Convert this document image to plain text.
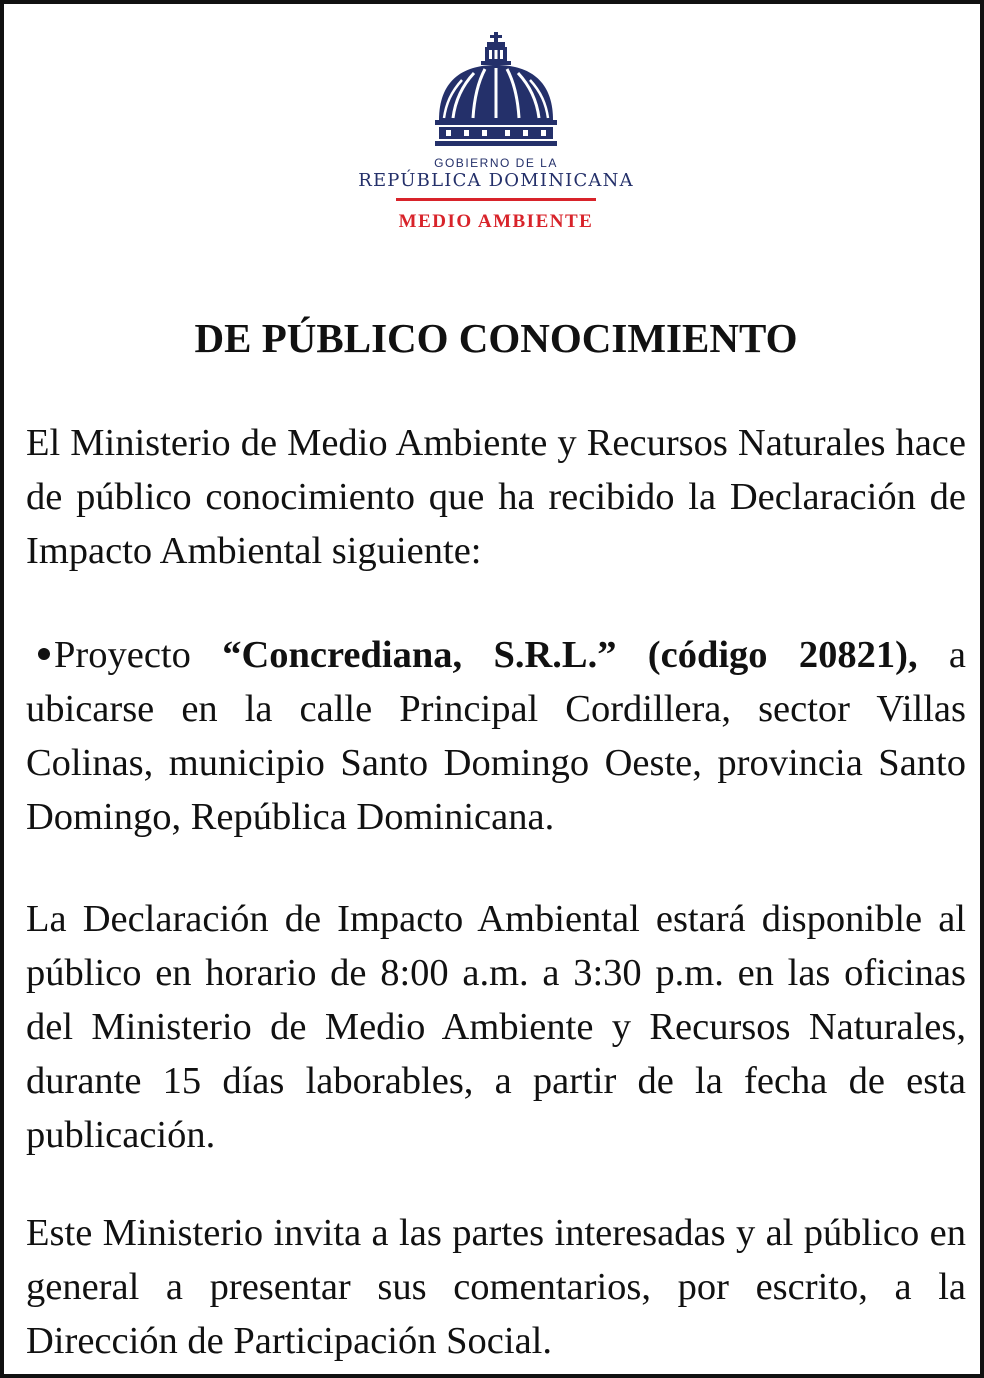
GOBIERNO DE LA
REPÚBLICA DOMINICANA
MEDIO AMBIENTE
DE PÚBLICO CONOCIMIENTO

El Ministerio de Medio Ambiente y Recursos Naturales hace de público conocimiento que ha recibido la Declaración de Impacto Ambiental siguiente:

Proyecto “Concrediana, S.R.L.” (código 20821), a ubicarse en la calle Principal Cordillera, sector Villas Colinas, municipio Santo Domingo Oeste, provincia Santo Domingo, República Dominicana.

La Declaración de Impacto Ambiental estará disponible al público en horario de 8:00 a.m. a 3:30 p.m. en las oficinas del Ministerio de Medio Ambiente y Recursos Naturales, durante 15 días laborables, a partir de la fecha de esta publicación.

Este Ministerio invita a las partes interesadas y al público en general a presentar sus comentarios, por escrito, a la Dirección de Participación Social.
